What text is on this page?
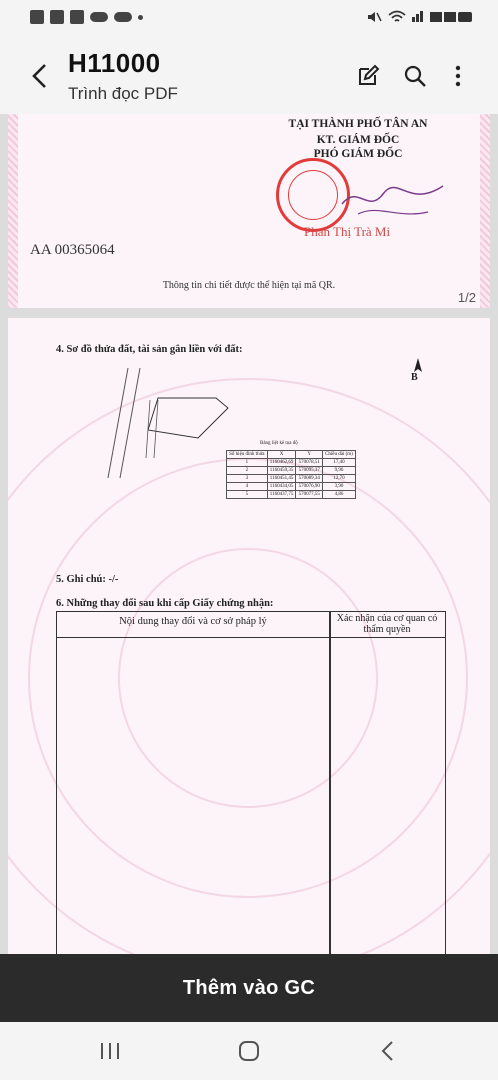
H11000
Trình đọc PDF
TẠI THÀNH PHỐ TÂN AN
KT. GIÁM ĐỐC
PHÓ GIÁM ĐỐC
Phan Thị Trà Mi
AA 00365064
Thông tin chi tiết được thể hiện tại mã QR.
1/2
4. Sơ đồ thửa đất, tài sản gắn liền với đất:
B
Bảng liệt kê tọa độ
Số hiệu đỉnh thửa	X	Y	Chiều dài (m)
1	1160462,69	570078,51	17,40
2	1160459,35	570095,37	9,96
3	1160451,45	570089,34	12,70
4	1160434,05	570076,90	3,90
5	1160437,75	570077,55	4,86
5. Ghi chú: -/-
6. Những thay đổi sau khi cấp Giấy chứng nhận:
Nội dung thay đổi và cơ sở pháp lý	Xác nhận của cơ quan có thẩm quyền
Thêm vào GC
